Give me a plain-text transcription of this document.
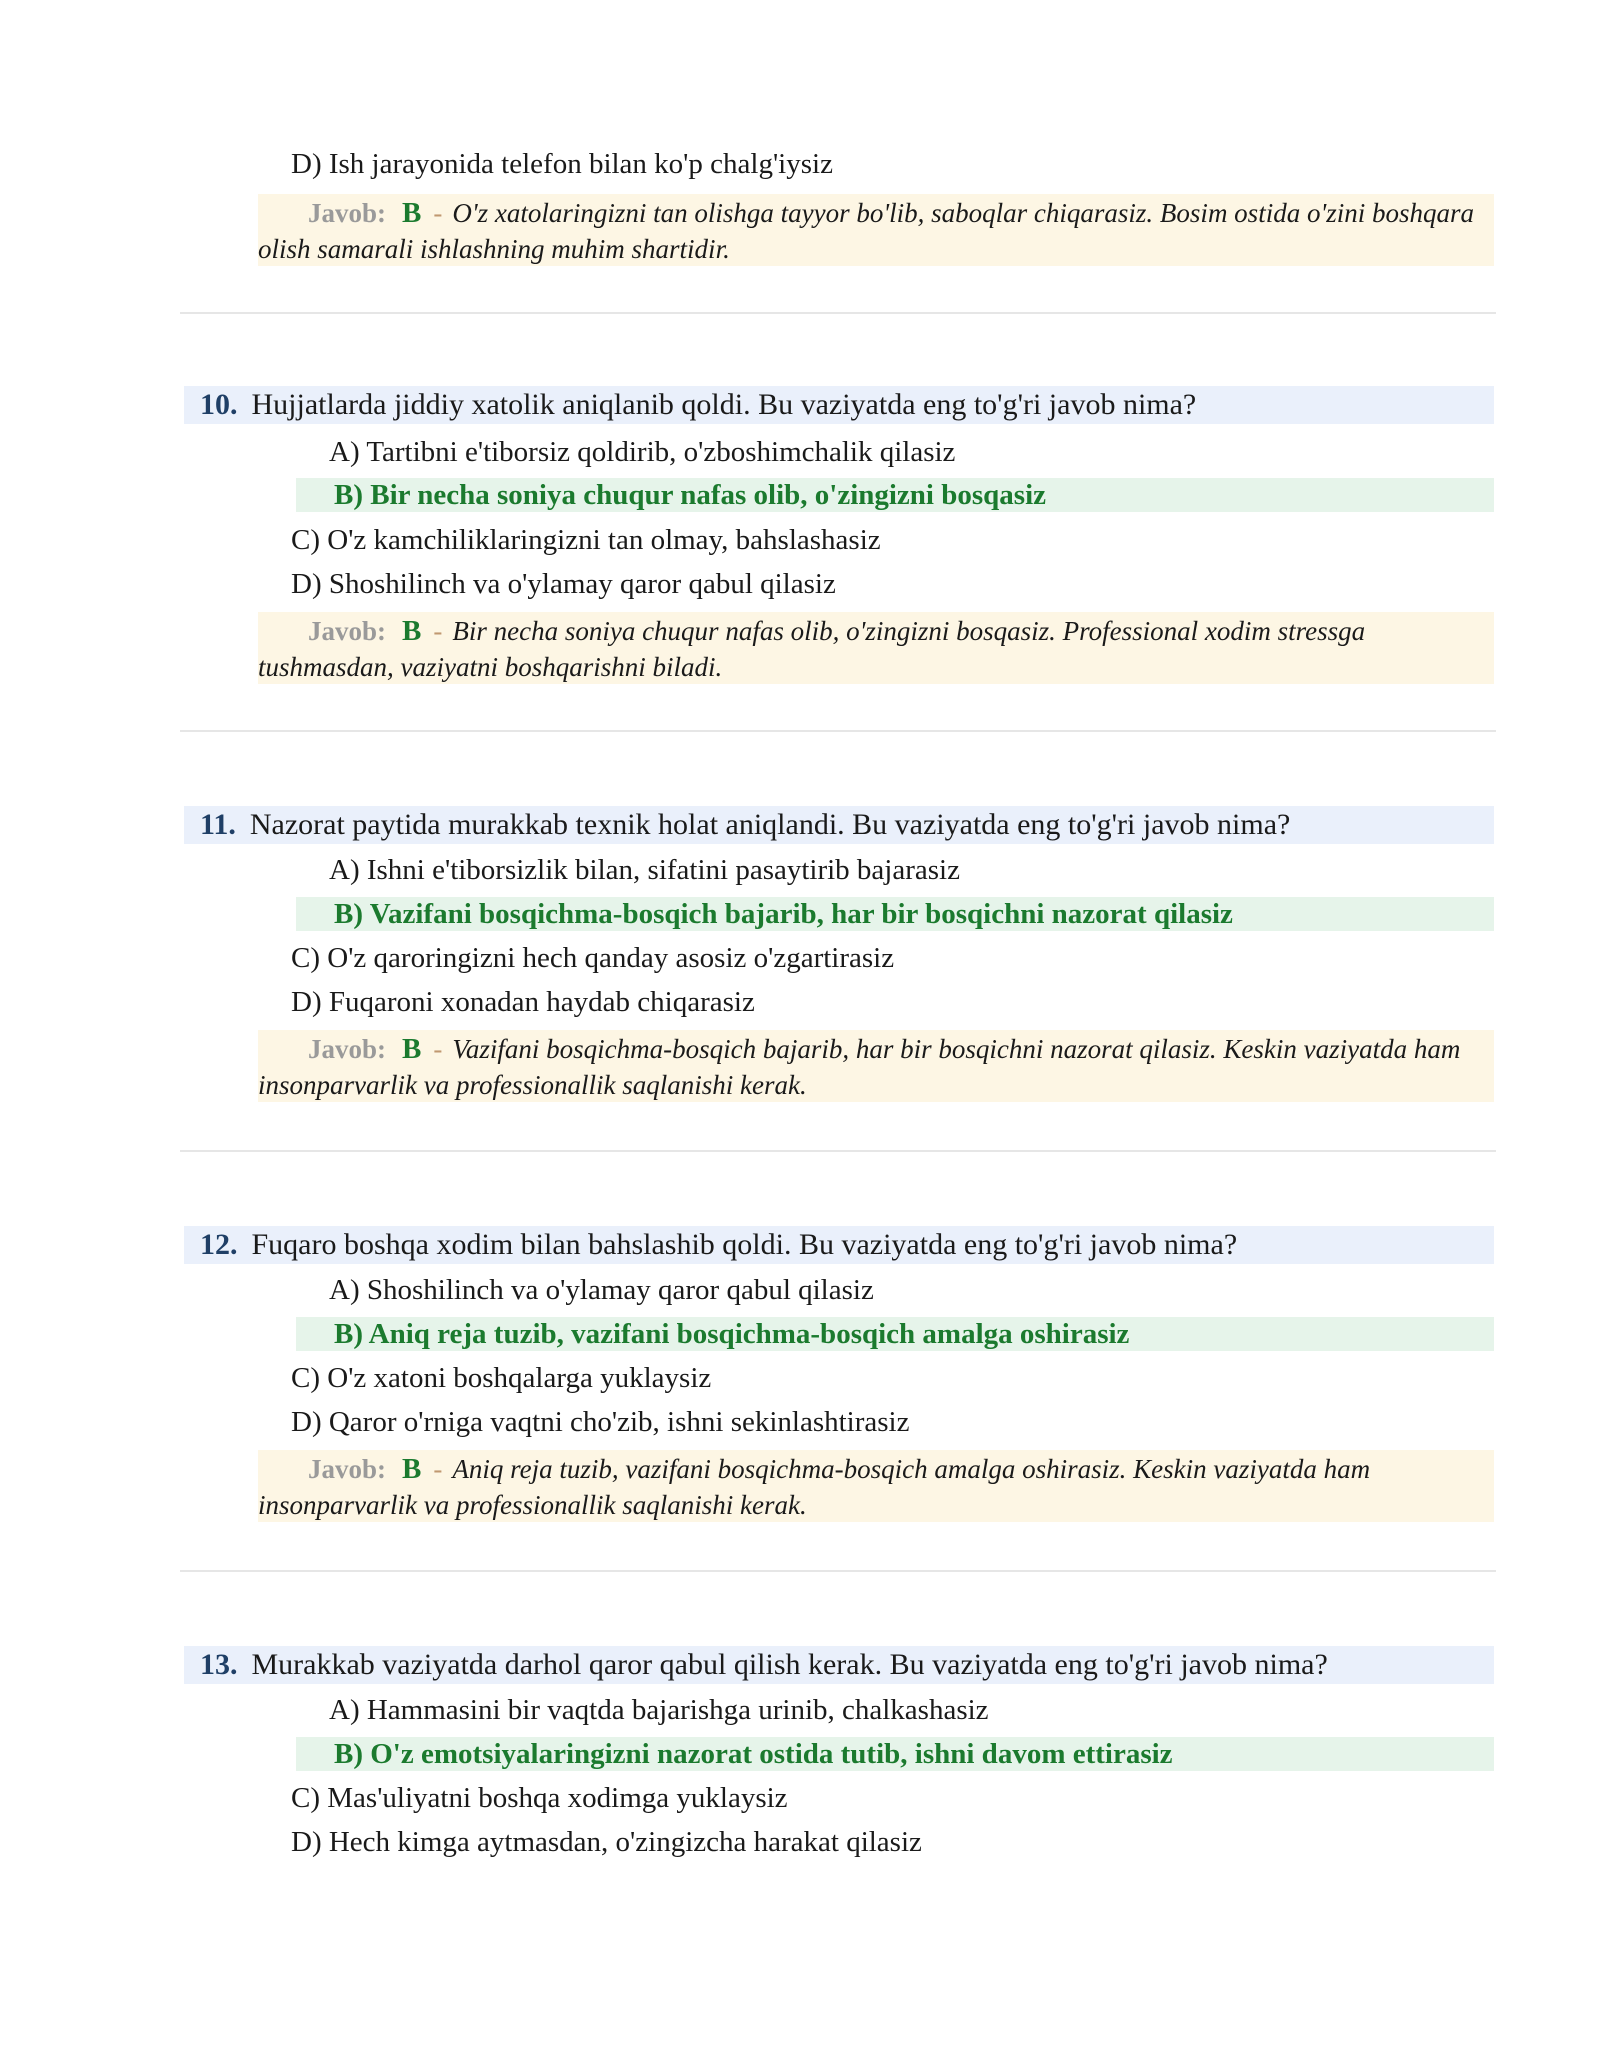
D) Ish jarayonida telefon bilan ko'p chalg'iysiz
Javob: B - O'z xatolaringizni tan olishga tayyor bo'lib, saboqlar chiqarasiz. Bosim ostida o'zini boshqara olish samarali ishlashning muhim shartidir.
10. Hujjatlarda jiddiy xatolik aniqlanib qoldi. Bu vaziyatda eng to'g'ri javob nima?
A) Tartibni e'tiborsiz qoldirib, o'zboshimchalik qilasiz
B) Bir necha soniya chuqur nafas olib, o'zingizni bosqasiz
C) O'z kamchiliklaringizni tan olmay, bahslashasiz
D) Shoshilinch va o'ylamay qaror qabul qilasiz
Javob: B - Bir necha soniya chuqur nafas olib, o'zingizni bosqasiz. Professional xodim stressga tushmasdan, vaziyatni boshqarishni biladi.
11. Nazorat paytida murakkab texnik holat aniqlandi. Bu vaziyatda eng to'g'ri javob nima?
A) Ishni e'tiborsizlik bilan, sifatini pasaytirib bajarasiz
B) Vazifani bosqichma-bosqich bajarib, har bir bosqichni nazorat qilasiz
C) O'z qaroringizni hech qanday asosiz o'zgartirasiz
D) Fuqaroni xonadan haydab chiqarasiz
Javob: B - Vazifani bosqichma-bosqich bajarib, har bir bosqichni nazorat qilasiz. Keskin vaziyatda ham insonparvarlik va professionallik saqlanishi kerak.
12. Fuqaro boshqa xodim bilan bahslashib qoldi. Bu vaziyatda eng to'g'ri javob nima?
A) Shoshilinch va o'ylamay qaror qabul qilasiz
B) Aniq reja tuzib, vazifani bosqichma-bosqich amalga oshirasiz
C) O'z xatoni boshqalarga yuklaysiz
D) Qaror o'rniga vaqtni cho'zib, ishni sekinlashtirasiz
Javob: B - Aniq reja tuzib, vazifani bosqichma-bosqich amalga oshirasiz. Keskin vaziyatda ham insonparvarlik va professionallik saqlanishi kerak.
13. Murakkab vaziyatda darhol qaror qabul qilish kerak. Bu vaziyatda eng to'g'ri javob nima?
A) Hammasini bir vaqtda bajarishga urinib, chalkashasiz
B) O'z emotsiyalaringizni nazorat ostida tutib, ishni davom ettirasiz
C) Mas'uliyatni boshqa xodimga yuklaysiz
D) Hech kimga aytmasdan, o'zingizcha harakat qilasiz
